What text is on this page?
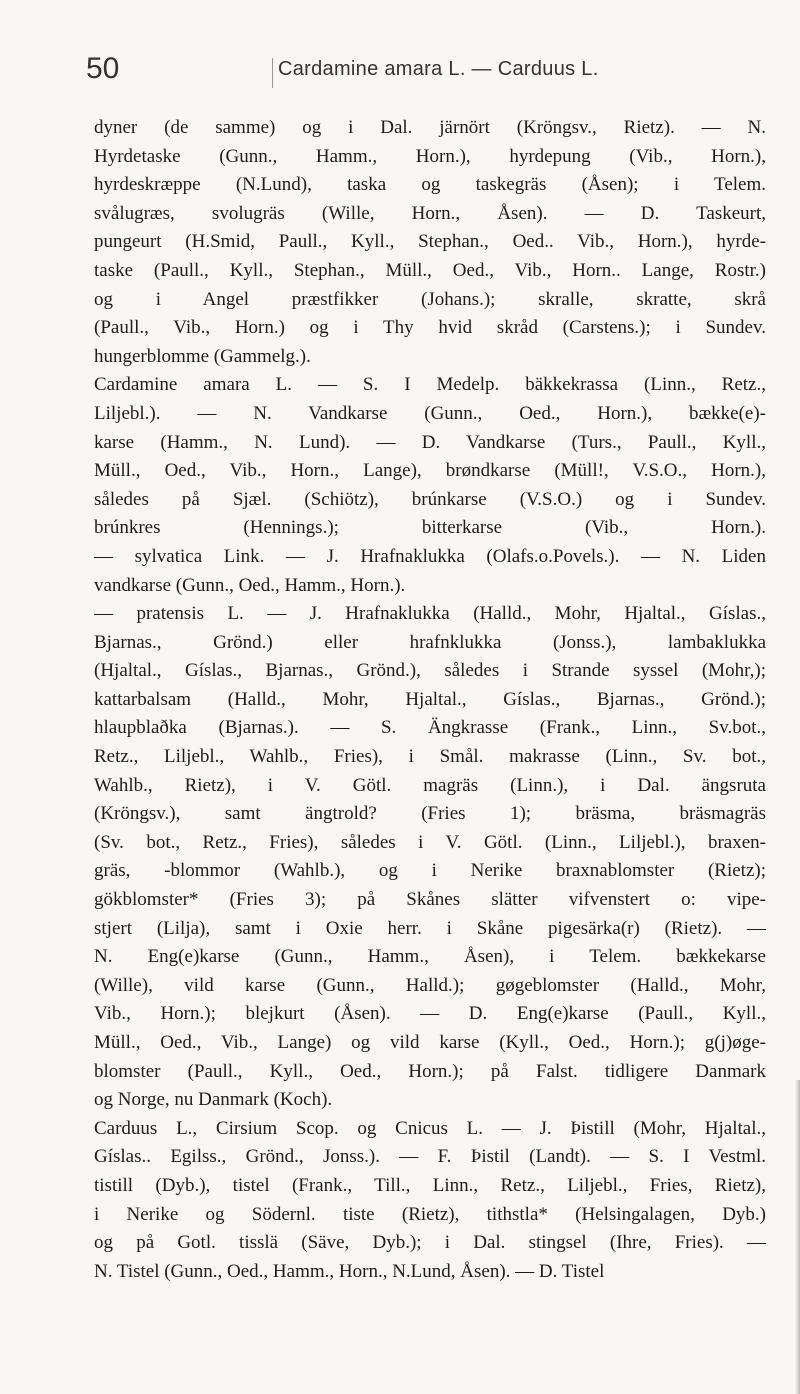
50	Cardamine amara L. — Carduus L.
dyner (de samme) og i Dal. järnört (Kröngsv., Rietz). — N.
Hyrdetaske (Gunn., Hamm., Horn.), hyrdepung (Vib., Horn.),
hyrdeskræppe (N.Lund), taska og taskegräs (Åsen); i Telem.
svålugræs, svolugräs (Wille, Horn., Åsen). — D. Taskeurt,
pungeurt (H.Smid, Paull., Kyll., Stephan., Oed.. Vib., Horn.), hyrde-
taske (Paull., Kyll., Stephan., Müll., Oed., Vib., Horn.. Lange, Rostr.)
og i Angel præstfikker (Johans.); skralle, skratte, skrå
(Paull., Vib., Horn.) og i Thy hvid skråd (Carstens.); i Sundev.
hungerblomme (Gammelg.).
Cardamine amara L. — S. I Medelp. bäkkekrassa (Linn., Retz.,
Liljebl.). — N. Vandkarse (Gunn., Oed., Horn.), bække(e)-
karse (Hamm., N. Lund). — D. Vandkarse (Turs., Paull., Kyll.,
Müll., Oed., Vib., Horn., Lange), brøndkarse (Müll!, V.S.O., Horn.),
således på Sjæl. (Schiötz), brúnkarse (V.S.O.) og i Sundev.
brúnkres (Hennings.); bitterkarse (Vib., Horn.).
— sylvatica Link. — J. Hrafnaklukka (Olafs.o.Povels.). — N. Liden
vandkarse (Gunn., Oed., Hamm., Horn.).
— pratensis L. — J. Hrafnaklukka (Halld., Mohr, Hjaltal., Gíslas.,
Bjarnas., Grönd.) eller hrafnklukka (Jonss.), lambaklukka
(Hjaltal., Gíslas., Bjarnas., Grönd.), således i Strande syssel (Mohr,);
kattarbalsam (Halld., Mohr, Hjaltal., Gíslas., Bjarnas., Grönd.);
hlaupblaðka (Bjarnas.). — S. Ängkrasse (Frank., Linn., Sv.bot.,
Retz., Liljebl., Wahlb., Fries), i Smål. makrasse (Linn., Sv. bot.,
Wahlb., Rietz), i V. Götl. magräs (Linn.), i Dal. ängsruta
(Kröngsv.), samt ängtrold? (Fries 1); bräsma, bräsmagräs
(Sv. bot., Retz., Fries), således i V. Götl. (Linn., Liljebl.), braxen-
gräs, -blommor (Wahlb.), og i Nerike braxnablomster (Rietz);
gökblomster* (Fries 3); på Skånes slätter vifvenstert o: vipe-
stjert (Lilja), samt i Oxie herr. i Skåne pigesärka(r) (Rietz). —
N. Eng(e)karse (Gunn., Hamm., Åsen), i Telem. bækkekarse
(Wille), vild karse (Gunn., Halld.); gøgeblomster (Halld., Mohr,
Vib., Horn.); blejkurt (Åsen). — D. Eng(e)karse (Paull., Kyll.,
Müll., Oed., Vib., Lange) og vild karse (Kyll., Oed., Horn.); g(j)øge-
blomster (Paull., Kyll., Oed., Horn.); på Falst. tidligere Danmark
og Norge, nu Danmark (Koch).
Carduus L., Cirsium Scop. og Cnicus L. — J. Þistill (Mohr, Hjaltal.,
Gíslas.. Egilss., Grönd., Jonss.). — F. Þistil (Landt). — S. I Vestml.
tistill (Dyb.), tistel (Frank., Till., Linn., Retz., Liljebl., Fries, Rietz),
i Nerike og Södernl. tiste (Rietz), tithstla* (Helsingalagen, Dyb.)
og på Gotl. tisslä (Säve, Dyb.); i Dal. stingsel (Ihre, Fries). —
N. Tistel (Gunn., Oed., Hamm., Horn., N.Lund, Åsen). — D. Tistel
